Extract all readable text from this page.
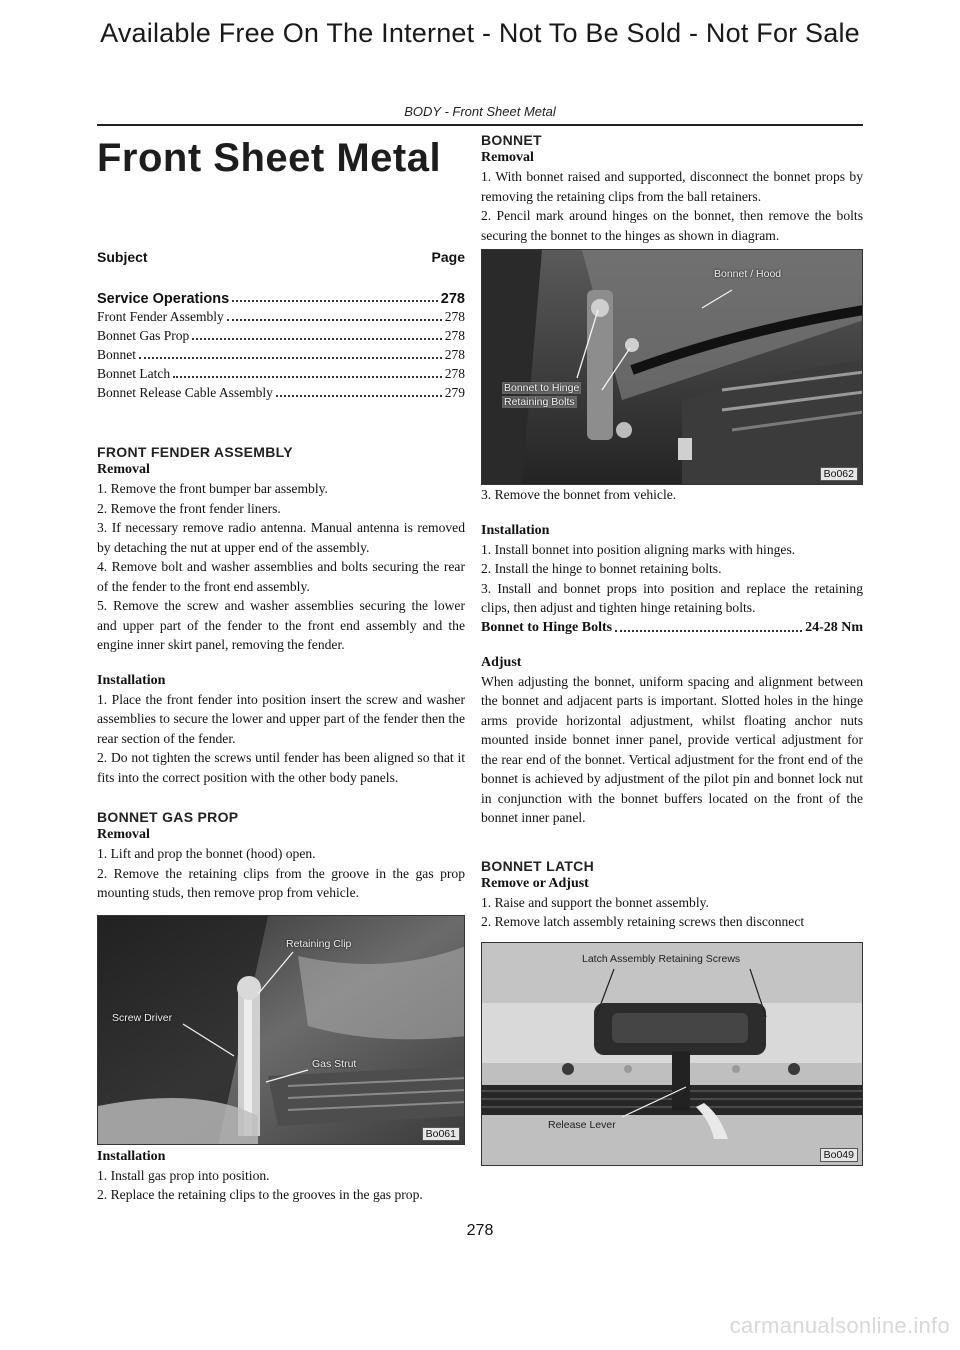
Available Free On The Internet - Not To Be Sold - Not For Sale
BODY - Front Sheet Metal
Front Sheet Metal
Subject	Page
Service Operations	278
Front Fender Assembly	278
Bonnet Gas Prop	278
Bonnet	278
Bonnet Latch	278
Bonnet Release Cable Assembly	279
FRONT FENDER ASSEMBLY
Removal

1. Remove the front bumper bar assembly.

2. Remove the front fender liners.

3. If necessary remove radio antenna. Manual antenna is removed by detaching the nut at upper end of the assembly.

4. Remove bolt and washer assemblies and bolts securing the rear of the fender to the front end assembly.

5. Remove the screw and washer assemblies securing the lower and upper part of the fender to the front end assembly and the engine inner skirt panel, removing the fender.

Installation

1. Place the front fender into position insert the screw and washer assemblies to secure the lower and upper part of the fender then the rear section of the fender.

2. Do not tighten the screws until fender has been aligned so that it fits into the correct position with the other body panels.

BONNET GAS PROP
Removal

1. Lift and prop the bonnet (hood) open.

2. Remove the retaining clips from the groove in the gas prop mounting studs, then remove prop from vehicle.

Retaining Clip
Screw Driver
Gas Strut
Bo061
Installation

1. Install gas prop into position.

2. Replace the retaining clips to the grooves in the gas prop.

BONNET
Removal

1. With bonnet raised and supported, disconnect the bonnet props by removing the retaining clips from the ball retainers.

2. Pencil mark around hinges on the bonnet, then remove the bolts securing the bonnet to the hinges as shown in diagram.

Bonnet / Hood
Bonnet to Hinge
Retaining Bolts
Bo062

3. Remove the bonnet from vehicle.

Installation

1. Install bonnet into position aligning marks with hinges.

2. Install the hinge to bonnet retaining bolts.

3. Install and bonnet props into position and replace the retaining clips, then adjust and tighten hinge retaining bolts.

Bonnet to Hinge Bolts	24-28 Nm
Adjust

When adjusting the bonnet, uniform spacing and alignment between the bonnet and adjacent parts is important. Slotted holes in the hinge arms provide horizontal adjustment, whilst floating anchor nuts mounted inside bonnet inner panel, provide vertical adjustment for the rear end of the bonnet. Vertical adjustment for the front end of the bonnet is achieved by adjustment of the pilot pin and bonnet lock nut in conjunction with the bonnet buffers located on the front of the bonnet inner panel.

BONNET LATCH
Remove or Adjust

1. Raise and support the bonnet assembly.

2. Remove latch assembly retaining screws then disconnect

Latch Assembly Retaining Screws
Release Lever
Bo049
278
carmanualsonline.info
